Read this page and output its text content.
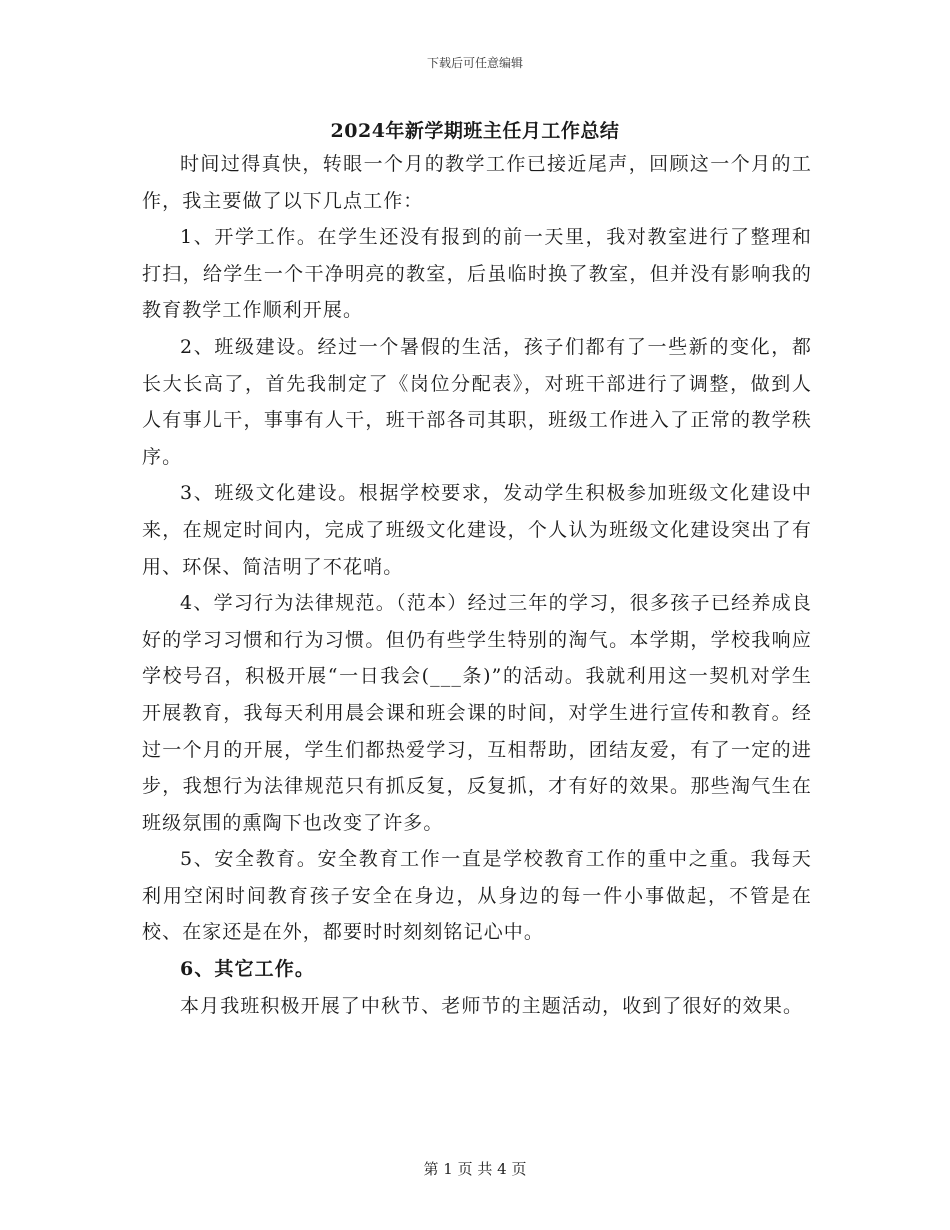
下载后可任意编辑
2024年新学期班主任月工作总结

时间过得真快，转眼一个月的教学工作已接近尾声，回顾这一个月的工作，我主要做了以下几点工作：

1、开学工作。在学生还没有报到的前一天里，我对教室进行了整理和打扫，给学生一个干净明亮的教室，后虽临时换了教室，但并没有影响我的教育教学工作顺利开展。

2、班级建设。经过一个暑假的生活，孩子们都有了一些新的变化，都长大长高了，首先我制定了《岗位分配表》，对班干部进行了调整，做到人人有事儿干，事事有人干，班干部各司其职，班级工作进入了正常的教学秩序。

3、班级文化建设。根据学校要求，发动学生积极参加班级文化建设中来，在规定时间内，完成了班级文化建设，个人认为班级文化建设突出了有用、环保、简洁明了不花哨。

4、学习行为法律规范。（范本）经过三年的学习，很多孩子已经养成良好的学习习惯和行为习惯。但仍有些学生特别的淘气。本学期，学校我响应学校号召，积极开展“一日我会(___条)”的活动。我就利用这一契机对学生开展教育，我每天利用晨会课和班会课的时间，对学生进行宣传和教育。经过一个月的开展，学生们都热爱学习，互相帮助，团结友爱，有了一定的进步，我想行为法律规范只有抓反复，反复抓，才有好的效果。那些淘气生在班级氛围的熏陶下也改变了许多。

5、安全教育。安全教育工作一直是学校教育工作的重中之重。我每天利用空闲时间教育孩子安全在身边，从身边的每一件小事做起，不管是在校、在家还是在外，都要时时刻刻铭记心中。

6、其它工作。

本月我班积极开展了中秋节、老师节的主题活动，收到了很好的效果。

第 1 页 共 4 页
